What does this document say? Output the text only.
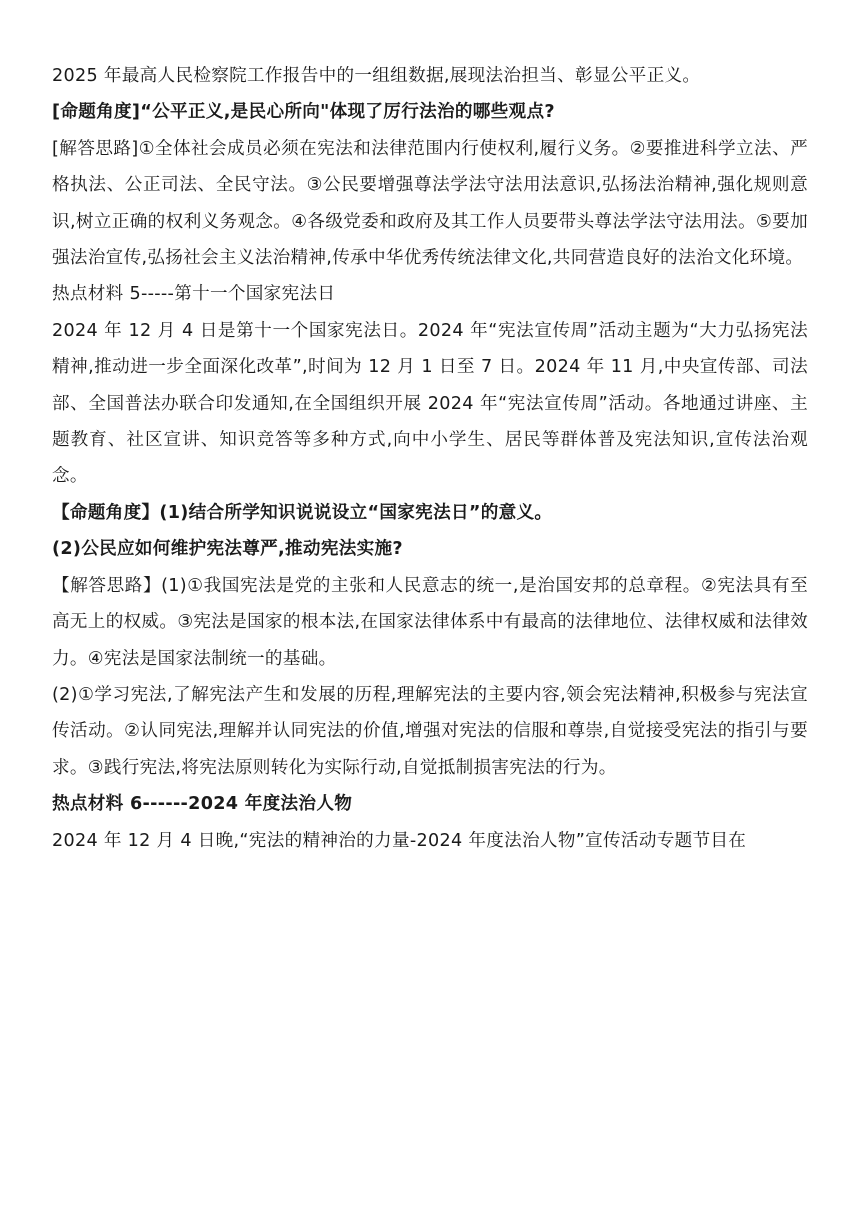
2025 年最高人民检察院工作报告中的一组组数据,展现法治担当、彰显公平正义。

[命题角度]“公平正义,是民心所向"体现了厉行法治的哪些观点?

[解答思路]①全体社会成员必须在宪法和法律范围内行使权利,履行义务。②要推进科学立法、严格执法、公正司法、全民守法。③公民要增强尊法学法守法用法意识,弘扬法治精神,强化规则意识,树立正确的权利义务观念。④各级党委和政府及其工作人员要带头尊法学法守法用法。⑤要加强法治宣传,弘扬社会主义法治精神,传承中华优秀传统法律文化,共同营造良好的法治文化环境。

热点材料 5-----第十一个国家宪法日

2024 年 12 月 4 日是第十一个国家宪法日。2024 年“宪法宣传周”活动主题为“大力弘扬宪法精神,推动进一步全面深化改革”,时间为 12 月 1 日至 7 日。2024 年 11 月,中央宣传部、司法部、全国普法办联合印发通知,在全国组织开展 2024 年“宪法宣传周”活动。各地通过讲座、主题教育、社区宣讲、知识竞答等多种方式,向中小学生、居民等群体普及宪法知识,宣传法治观念。

【命题角度】(1)结合所学知识说说设立“国家宪法日”的意义。

(2)公民应如何维护宪法尊严,推动宪法实施?

【解答思路】(1)①我国宪法是党的主张和人民意志的统一,是治国安邦的总章程。②宪法具有至高无上的权威。③宪法是国家的根本法,在国家法律体系中有最高的法律地位、法律权威和法律效力。④宪法是国家法制统一的基础。

(2)①学习宪法,了解宪法产生和发展的历程,理解宪法的主要内容,领会宪法精神,积极参与宪法宣传活动。②认同宪法,理解并认同宪法的价值,增强对宪法的信服和尊崇,自觉接受宪法的指引与要求。③践行宪法,将宪法原则转化为实际行动,自觉抵制损害宪法的行为。

热点材料 6------2024 年度法治人物

2024 年 12 月 4 日晚,“宪法的精神治的力量-2024 年度法治人物”宣传活动专题节目在
